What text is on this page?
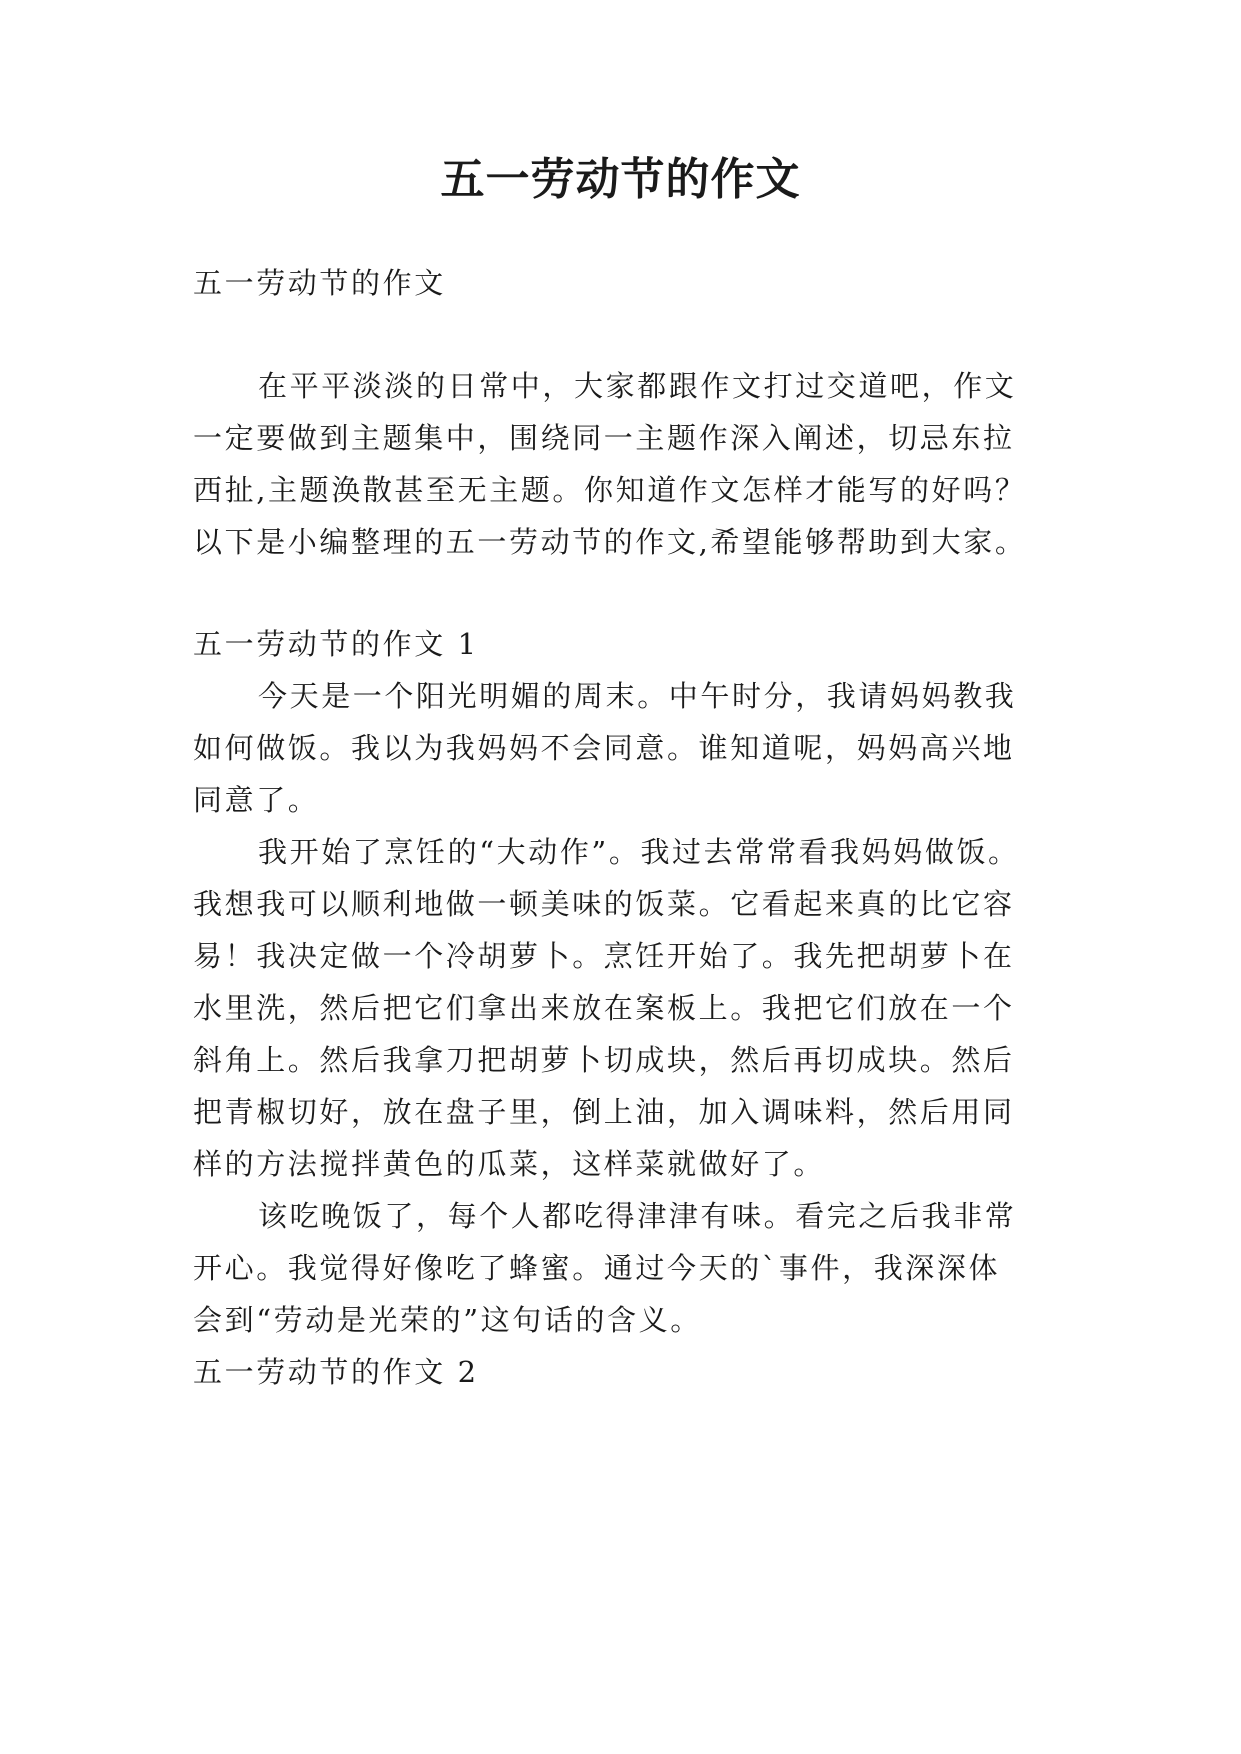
五一劳动节的作文

五一劳动节的作文

在平平淡淡的日常中，大家都跟作文打过交道吧，作文

一定要做到主题集中，围绕同一主题作深入阐述，切忌东拉

西扯,主题涣散甚至无主题。你知道作文怎样才能写的好吗？

以下是小编整理的五一劳动节的作文,希望能够帮助到大家。

五一劳动节的作文 1

今天是一个阳光明媚的周末。中午时分，我请妈妈教我

如何做饭。我以为我妈妈不会同意。谁知道呢，妈妈高兴地

同意了。

我开始了烹饪的“大动作”。我过去常常看我妈妈做饭。

我想我可以顺利地做一顿美味的饭菜。它看起来真的比它容

易！我决定做一个冷胡萝卜。烹饪开始了。我先把胡萝卜在

水里洗，然后把它们拿出来放在案板上。我把它们放在一个

斜角上。然后我拿刀把胡萝卜切成块，然后再切成块。然后

把青椒切好，放在盘子里，倒上油，加入调味料，然后用同

样的方法搅拌黄色的瓜菜，这样菜就做好了。

该吃晚饭了，每个人都吃得津津有味。看完之后我非常

开心。我觉得好像吃了蜂蜜。通过今天的`事件，我深深体

会到“劳动是光荣的”这句话的含义。

五一劳动节的作文 2
